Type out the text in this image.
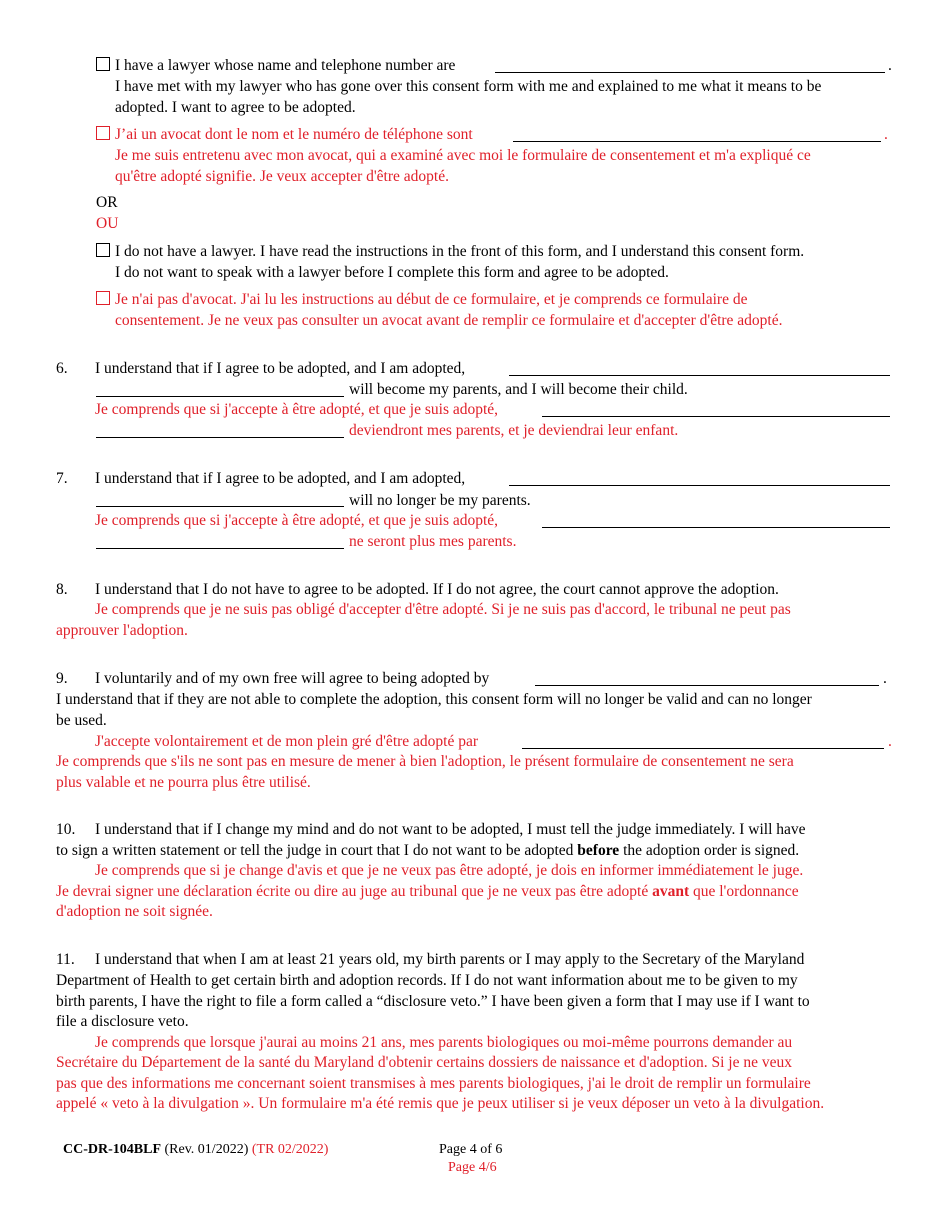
I have a lawyer whose name and telephone number are	.
I have met with my lawyer who has gone over this consent form with me and explained to me what it means to be
adopted. I want to agree to be adopted.
J’ai un avocat dont le nom et le numéro de téléphone sont	.
Je me suis entretenu avec mon avocat, qui a examiné avec moi le formulaire de consentement et m'a expliqué ce
qu'être adopté signifie. Je veux accepter d'être adopté.
OR
OU
I do not have a lawyer. I have read the instructions in the front of this form, and I understand this consent form.
I do not want to speak with a lawyer before I complete this form and agree to be adopted.
Je n'ai pas d'avocat. J'ai lu les instructions au début de ce formulaire, et je comprends ce formulaire de
consentement. Je ne veux pas consulter un avocat avant de remplir ce formulaire et d'accepter d'être adopté.
6. I understand that if I agree to be adopted, and I am adopted,
will become my parents, and I will become their child.
Je comprends que si j'accepte à être adopté, et que je suis adopté,
deviendront mes parents, et je deviendrai leur enfant.
7. I understand that if I agree to be adopted, and I am adopted,
will no longer be my parents.
Je comprends que si j'accepte à être adopté, et que je suis adopté,
ne seront plus mes parents.
8. I understand that I do not have to agree to be adopted. If I do not agree, the court cannot approve the adoption.
Je comprends que je ne suis pas obligé d'accepter d'être adopté. Si je ne suis pas d'accord, le tribunal ne peut pas
approuver l'adoption.
9. I voluntarily and of my own free will agree to being adopted by	.
I understand that if they are not able to complete the adoption, this consent form will no longer be valid and can no longer
be used.
J'accepte volontairement et de mon plein gré d'être adopté par	.
Je comprends que s'ils ne sont pas en mesure de mener à bien l'adoption, le présent formulaire de consentement ne sera
plus valable et ne pourra plus être utilisé.
10. I understand that if I change my mind and do not want to be adopted, I must tell the judge immediately. I will have
to sign a written statement or tell the judge in court that I do not want to be adopted before the adoption order is signed.
Je comprends que si je change d'avis et que je ne veux pas être adopté, je dois en informer immédiatement le juge.
Je devrai signer une déclaration écrite ou dire au juge au tribunal que je ne veux pas être adopté avant que l'ordonnance
d'adoption ne soit signée.
11. I understand that when I am at least 21 years old, my birth parents or I may apply to the Secretary of the Maryland
Department of Health to get certain birth and adoption records. If I do not want information about me to be given to my
birth parents, I have the right to file a form called a “disclosure veto.” I have been given a form that I may use if I want to
file a disclosure veto.
Je comprends que lorsque j'aurai au moins 21 ans, mes parents biologiques ou moi-même pourrons demander au
Secrétaire du Département de la santé du Maryland d'obtenir certains dossiers de naissance et d'adoption. Si je ne veux
pas que des informations me concernant soient transmises à mes parents biologiques, j'ai le droit de remplir un formulaire
appelé « veto à la divulgation ». Un formulaire m'a été remis que je peux utiliser si je veux déposer un veto à la divulgation.
CC-DR-104BLF (Rev. 01/2022) (TR 02/2022)	Page 4 of 6
Page 4/6
